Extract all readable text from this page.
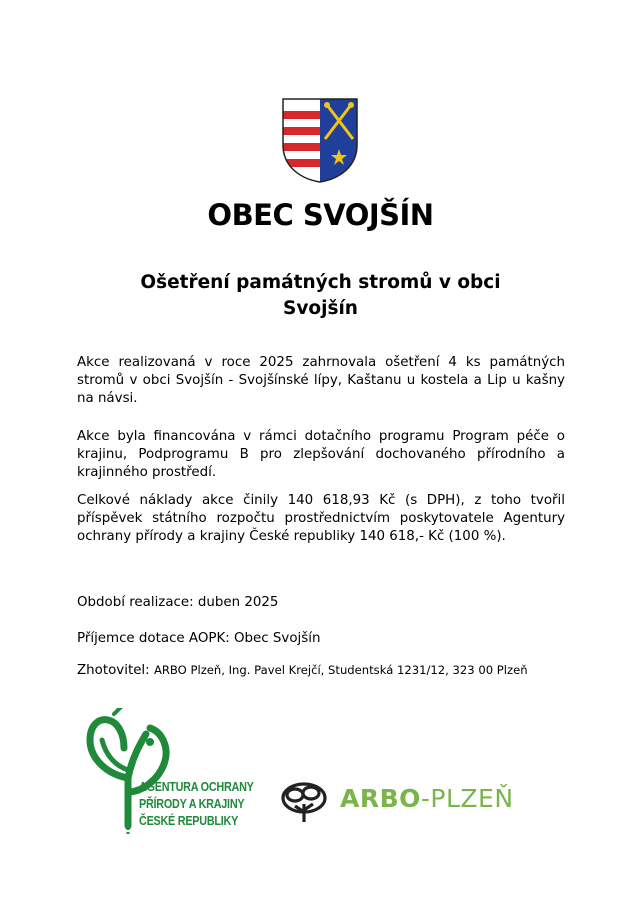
OBEC SVOJŠÍN
Ošetření památných stromů v obci
Svojšín

Akce realizovaná v roce 2025 zahrnovala ošetření 4 ks památných stromů v obci Svojšín - Svojšínské lípy, Kaštanu u kostela a Lip u kašny na návsi.

Akce byla financována v rámci dotačního programu Program péče o krajinu, Podprogramu B pro zlepšování dochovaného přírodního a krajinného prostředí.

Celkové náklady akce činily 140 618,93 Kč (s DPH), z toho tvořil příspěvek státního rozpočtu prostřednictvím poskytovatele Agentury ochrany přírody a krajiny České republiky 140 618,- Kč (100 %).

Období realizace: duben 2025

Příjemce dotace AOPK: Obec Svojšín

Zhotovitel: ARBO Plzeň, Ing. Pavel Krejčí, Studentská 1231/12, 323 00 Plzeň

AGENTURA OCHRANY
PŘÍRODY A KRAJINY
ČESKÉ REPUBLIKY
ARBO-PLZEŇ
